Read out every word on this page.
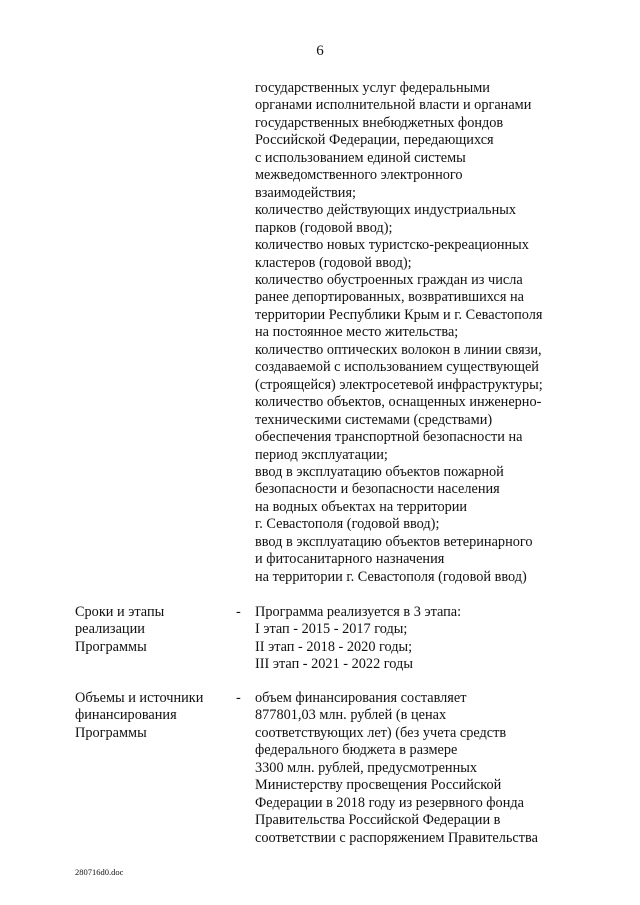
6
государственных услуг федеральными
органами исполнительной власти и органами
государственных внебюджетных фондов
Российской Федерации, передающихся
с использованием единой системы
межведомственного электронного
взаимодействия;
количество действующих индустриальных
парков (годовой ввод);
количество новых туристско-рекреационных
кластеров (годовой ввод);
количество обустроенных граждан из числа
ранее депортированных, возвратившихся на
территории Республики Крым и г. Севастополя
на постоянное место жительства;
количество оптических волокон в линии связи,
создаваемой с использованием существующей
(строящейся) электросетевой инфраструктуры;
количество объектов, оснащенных инженерно-
техническими системами (средствами)
обеспечения транспортной безопасности на
период эксплуатации;
ввод в эксплуатацию объектов пожарной
безопасности и безопасности населения
на водных объектах на территории
г. Севастополя (годовой ввод);
ввод в эксплуатацию объектов ветеринарного
и фитосанитарного назначения
на территории г. Севастополя (годовой ввод)
Сроки и этапы
реализации
Программы
- Программа реализуется в 3 этапа:
I этап - 2015 - 2017 годы;
II этап - 2018 - 2020 годы;
III этап - 2021 - 2022 годы
Объемы и источники
финансирования
Программы
- объем финансирования составляет
877801,03 млн. рублей (в ценах
соответствующих лет) (без учета средств
федерального бюджета в размере
3300 млн. рублей, предусмотренных
Министерству просвещения Российской
Федерации в 2018 году из резервного фонда
Правительства Российской Федерации в
соответствии с распоряжением Правительства
280716d0.doc
